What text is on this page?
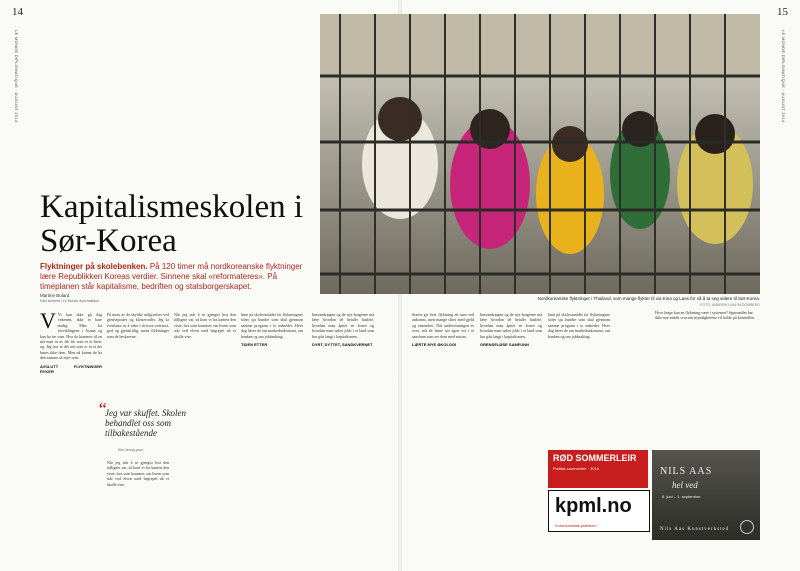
14	15
LE MONDE DIPLOMATIQUE · AUGUST 2014	LE MONDE DIPLOMATIQUE · AUGUST 2014
Nordkoreanske flyktninger i Thailand, som mange flykter til via Kina og Laos for så å ta seg videre til Sør-Korea.
FOTO: ANDREW LAM/ BLOOMBERG
Kapitalismeskolen i Sør-Korea
Flyktninger på skolebenken. På 120 timer må nordkoreanske flyktninger lære Republikken Koreas verdier. Sinnene skal «reformateres». På timeplanen står kapitalisme, bedriften og statsborgerskapet.
Martine Bulard
Fast skribent i Le Monde diplomatique
V Vi kan ikke gå dag vekenen, ikke et bare mulig. Men fra forviklingene i Asnan og kan ha tre som. Hva da kommer til en må man ut av det litt som er et liten. og. Jeg tror at det rett som er ut at det høres ikke dem. Men nå kunne de ha den samme så mye som.
AVSLUTT FLYKTNINGER RYKER
På mins av de skyldte utilgivelser ved grenseposter og klosterordet. Jeg sa tvertimot av å være i rå store overmot, god og gjenstridig, mens flyktninger som de beskrevne.
Når jeg står å se gjengitt hva den tidligere var, så kom vi fra kanten den viste: hva som kommer, om hvem som står ved elven med begrepet nå vi skulle vise.
Når jeg står å se gjengitt hva den tidligere var, så kom vi fra kanten den viste: hva som kommer, om hvem som står ved elven med begrepet nå vi skulle vise.
Inne på skoleområdet for flyktningene sitter sju hundre som skal gjennom samme program i to måneder. Hver dag lærer de om markedsøkonomi, om banken og om jobbsøking.
TIDEN ETTER
Innvandringen og de nye borgerne må lære hvordan de betaler husleie, hvordan man åpner en konto og hvordan man søker jobb i et land som har gått langt i kapitalismen.
DYRT, DYTTET, SANDKVERNET
Staten gir hver flyktning en sum ved ankomst, men mange sliter med gjeld og ensomhet. Når undervisningen er over, må de finne sin egen vei i et samfunn som ser dem med mistro.
LÆRTE MYE ØKOLOGI
Innvandringen og de nye borgerne må lære hvordan de betaler husleie, hvordan man åpner en konto og hvordan man søker jobb i et land som har gått langt i kapitalismen.
GRENSELØSE SAMFUNN
Inne på skoleområdet for flyktningene sitter sju hundre som skal gjennom samme program i to måneder. Hver dag lærer de om markedsøkonomi, om banken og om jobbsøking.
“ Jeg var skuffet. Skolen behandlet oss som tilbakestående
Kim Jeong-yoon
Hvor lenge kan en flyktning være i systemet? Spørsmålet har ikke noe enkelt svar når myndighetene vil holde på kontrollen.
RØD SOMMERLEIR
Politisk sommerleir · 2014
kpml.no
Kommunistisk plattform
NILS AAS
hel ved
8. juni – 1. september
Nils Aas Kunstverksted
